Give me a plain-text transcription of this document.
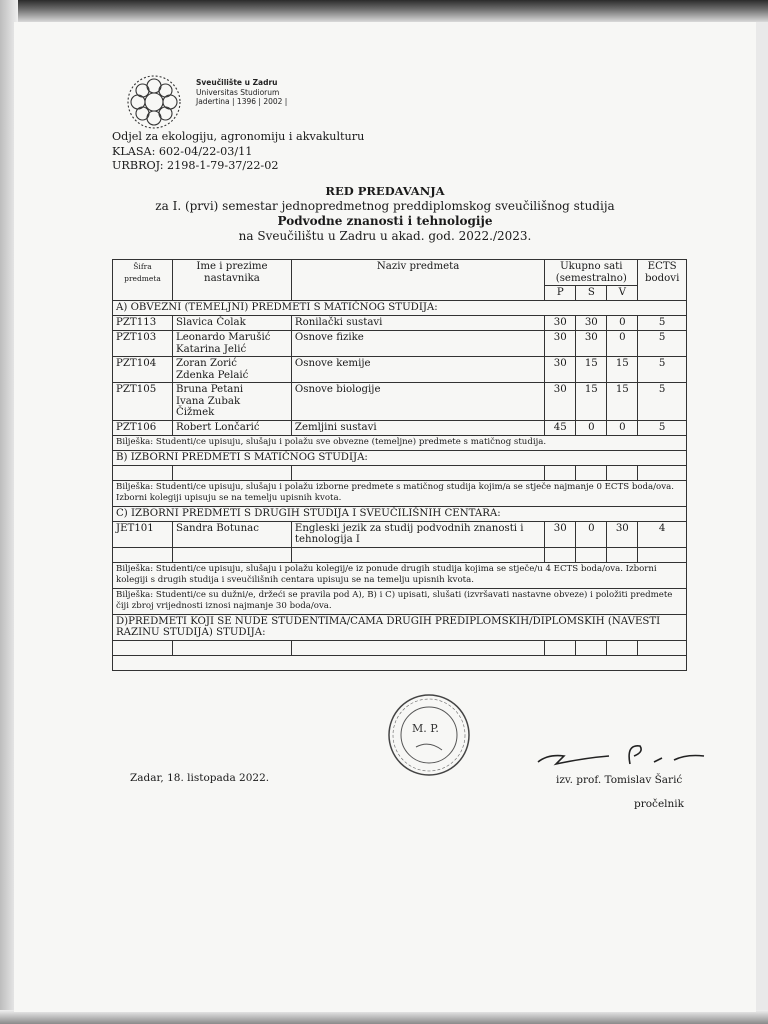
Sveučilište u Zadru
Universitas Studiorum
Jadertina | 1396 | 2002 |
Odjel za ekologiju, agronomiju i akvakulturu
KLASA: 602-04/22-03/11
URBROJ: 2198-1-79-37/22-02
RED PREDAVANJA
za I. (prvi) semestar jednopredmetnog preddiplomskog sveučilišnog studija
Podvodne znanosti i tehnologije
na Sveučilištu u Zadru u akad. god. 2022./2023.
Šifra predmeta	Ime i prezime nastavnika	Naziv predmeta	Ukupno sati (semestralno)			ECTS bodovi
			P	S	V	
A) OBVEZNI (TEMELJNI) PREDMETI S MATIČNOG STUDIJA:						
PZT113	Slavica Čolak	Ronilački sustavi	30	30	0	5
PZT103	Leonardo Marušić
Katarina Jelić	Osnove fizike	30	30	0	5
PZT104	Zoran Zorić
Zdenka Pelaić	Osnove kemije	30	15	15	5
PZT105	Bruna Petani
Ivana Zubak
Čižmek	Osnove biologije	30	15	15	5
PZT106	Robert Lončarić	Zemljini sustavi	45	0	0	5
Bilješka: Studenti/ce upisuju, slušaju i polažu sve obvezne (temeljne) predmete s matičnog studija.						
B) IZBORNI PREDMETI S MATIČNOG STUDIJA:						

Bilješka: Studenti/ce upisuju, slušaju i polažu izborne predmete s matičnog studija kojim/a se stječe najmanje 0 ECTS boda/ova. Izborni kolegiji upisuju se na temelju upisnih kvota.						
C) IZBORNI PREDMETI S DRUGIH STUDIJA I SVEUČILIŠNIH CENTARA:						
JET101	Sandra Botunac	Engleski jezik za studij podvodnih znanosti i tehnologija I	30	0	30	4

Bilješka: Studenti/ce upisuju, slušaju i polažu kolegij/e iz ponude drugih studija kojima se stječe/u 4 ECTS boda/ova. Izborni kolegiji s drugih studija i sveučilišnih centara upisuju se na temelju upisnih kvota.						
Bilješka: Studenti/ce su dužni/e, držeći se pravila pod A), B) i C) upisati, slušati (izvršavati nastavne obveze) i položiti predmete čiji zbroj vrijednosti iznosi najmanje 30 boda/ova.						
D)PREDMETI KOJI SE NUDE STUDENTIMA/CAMA DRUGIH PREDIPLOMSKIH/DIPLOMSKIH (NAVESTI RAZINU STUDIJA) STUDIJA:						

M. P.
Zadar, 18. listopada 2022.	izv. prof. Tomislav Šarić
pročelnik
